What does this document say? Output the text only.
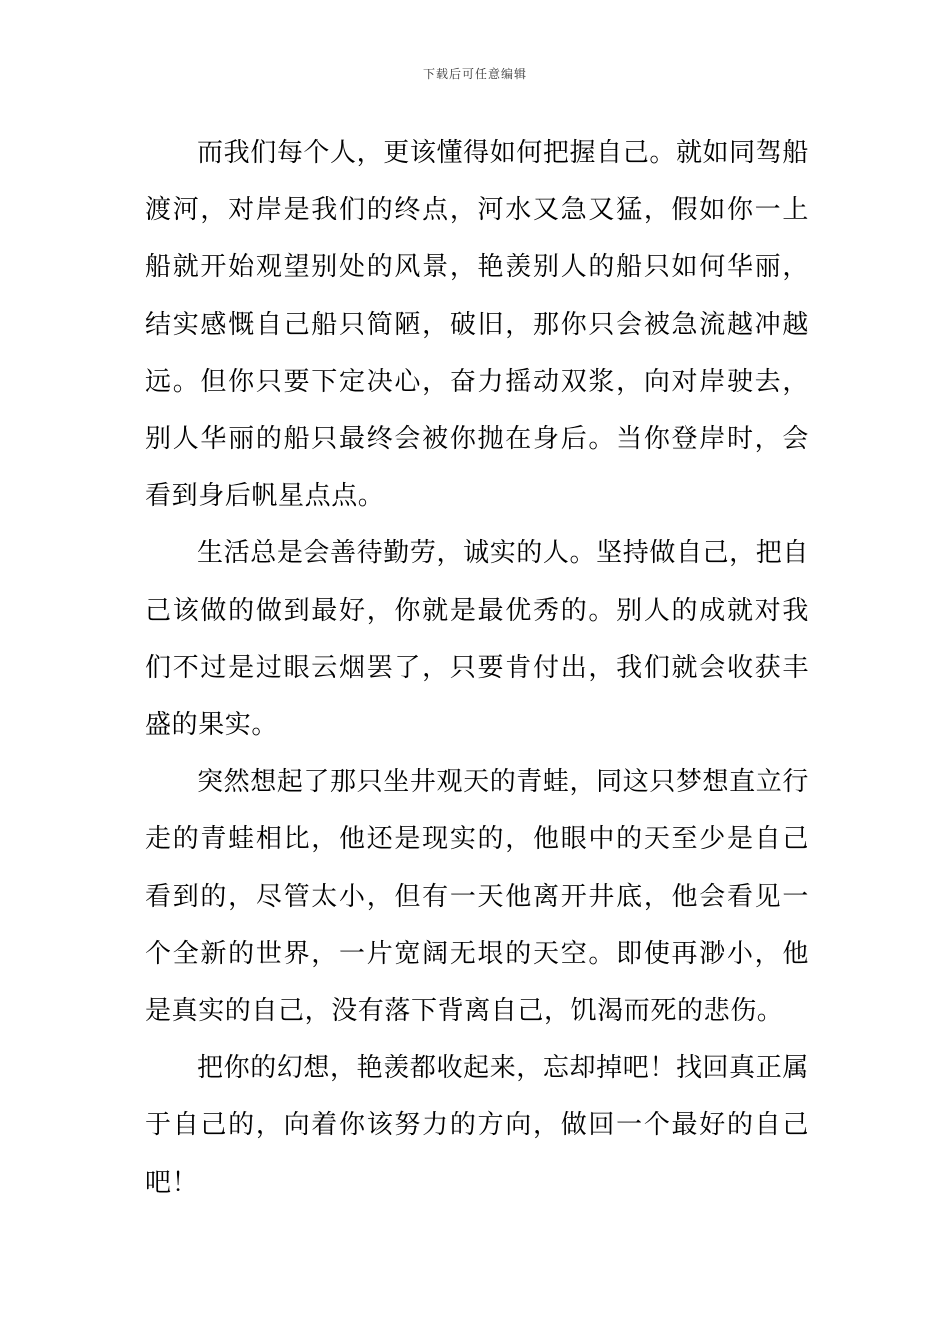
下载后可任意编辑

而我们每个人，更该懂得如何把握自己。就如同驾船渡河，对岸是我们的终点，河水又急又猛，假如你一上船就开始观望别处的风景，艳羡别人的船只如何华丽，结实感慨自己船只简陋，破旧，那你只会被急流越冲越远。但你只要下定决心，奋力摇动双浆，向对岸驶去，别人华丽的船只最终会被你抛在身后。当你登岸时，会看到身后帆星点点。

生活总是会善待勤劳，诚实的人。坚持做自己，把自己该做的做到最好，你就是最优秀的。别人的成就对我们不过是过眼云烟罢了，只要肯付出，我们就会收获丰盛的果实。

突然想起了那只坐井观天的青蛙，同这只梦想直立行走的青蛙相比，他还是现实的，他眼中的天至少是自己看到的，尽管太小，但有一天他离开井底，他会看见一个全新的世界，一片宽阔无垠的天空。即使再渺小，他是真实的自己，没有落下背离自己，饥渴而死的悲伤。

把你的幻想，艳羡都收起来，忘却掉吧！找回真正属于自己的，向着你该努力的方向，做回一个最好的自己吧！
